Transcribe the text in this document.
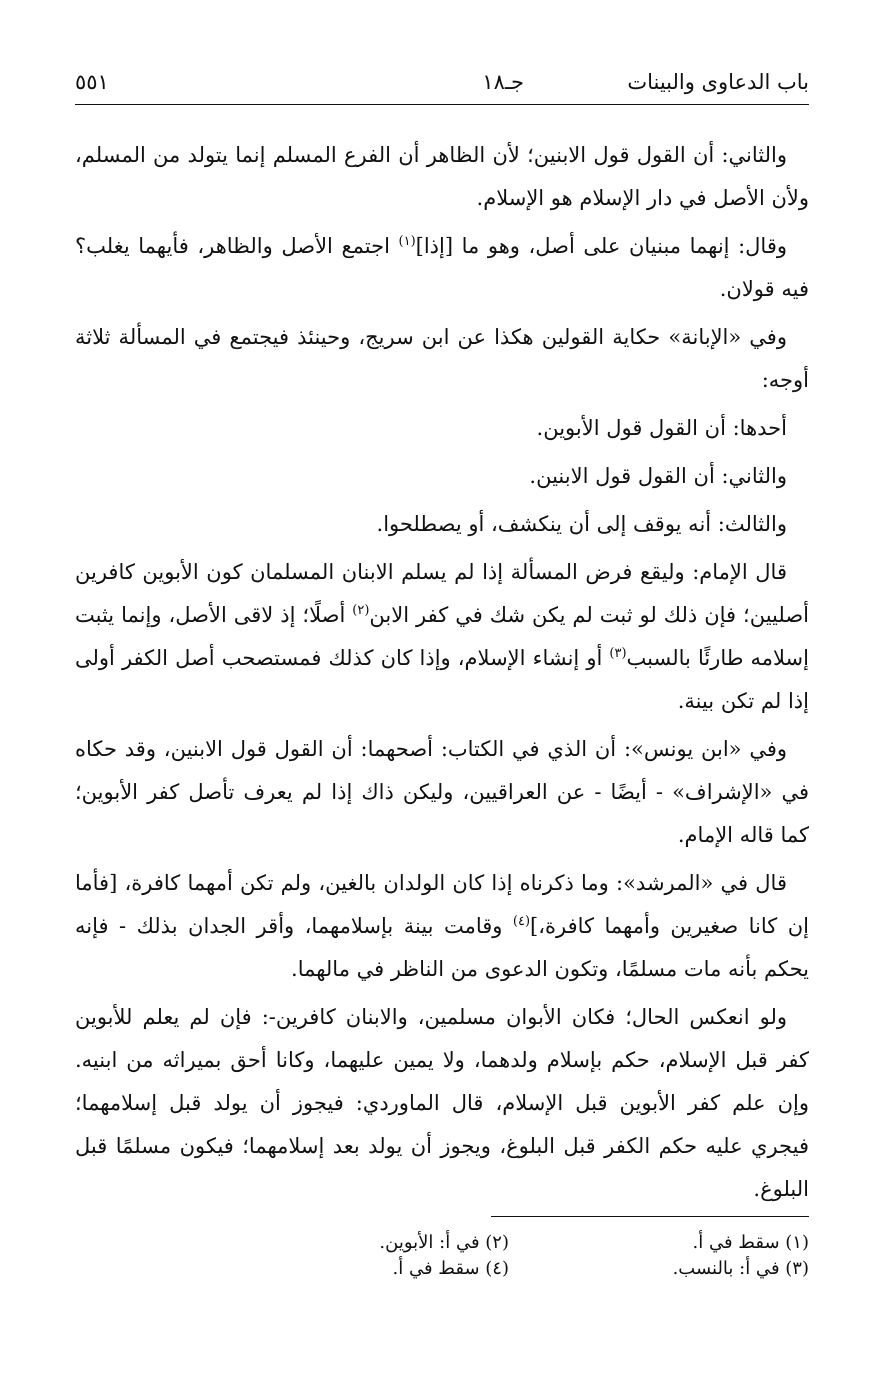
باب الدعاوى والبينات
جـ١٨
٥٥١

والثاني: أن القول قول الابنين؛ لأن الظاهر أن الفرع المسلم إنما يتولد من المسلم، ولأن الأصل في دار الإسلام هو الإسلام.

وقال: إنهما مبنيان على أصل، وهو ما [إذا]$^{(١)}$ اجتمع الأصل والظاهر، فأيهما يغلب؟ فيه قولان.

وفي «الإبانة» حكاية القولين هكذا عن ابن سريج، وحينئذ فيجتمع في المسألة ثلاثة أوجه:

أحدها: أن القول قول الأبوين.

والثاني: أن القول قول الابنين.

والثالث: أنه يوقف إلى أن ينكشف، أو يصطلحوا.

قال الإمام: وليقع فرض المسألة إذا لم يسلم الابنان المسلمان كون الأبوين كافرين أصليين؛ فإن ذلك لو ثبت لم يكن شك في كفر الابن$^{(٢)}$ أصلًا؛ إذ لاقى الأصل، وإنما يثبت إسلامه طارئًا بالسبب$^{(٣)}$ أو إنشاء الإسلام، وإذا كان كذلك فمستصحب أصل الكفر أولى إذا لم تكن بينة.

وفي «ابن يونس»: أن الذي في الكتاب: أصحهما: أن القول قول الابنين، وقد حكاه في «الإشراف» - أيضًا - عن العراقيين، وليكن ذاك إذا لم يعرف تأصل كفر الأبوين؛ كما قاله الإمام.

قال في «المرشد»: وما ذكرناه إذا كان الولدان بالغين، ولم تكن أمهما كافرة، [فأما إن كانا صغيرين وأمهما كافرة،]$^{(٤)}$ وقامت بينة بإسلامهما، وأقر الجدان بذلك - فإنه يحكم بأنه مات مسلمًا، وتكون الدعوى من الناظر في مالهما.

ولو انعكس الحال؛ فكان الأبوان مسلمين، والابنان كافرين-: فإن لم يعلم للأبوين كفر قبل الإسلام، حكم بإسلام ولدهما، ولا يمين عليهما، وكانا أحق بميراثه من ابنيه. وإن علم كفر الأبوين قبل الإسلام، قال الماوردي: فيجوز أن يولد قبل إسلامهما؛ فيجري عليه حكم الكفر قبل البلوغ، ويجوز أن يولد بعد إسلامهما؛ فيكون مسلمًا قبل البلوغ.

(١) سقط في أ.
(٢) في أ: الأبوين.
(٣) في أ: بالنسب.
(٤) سقط في أ.
